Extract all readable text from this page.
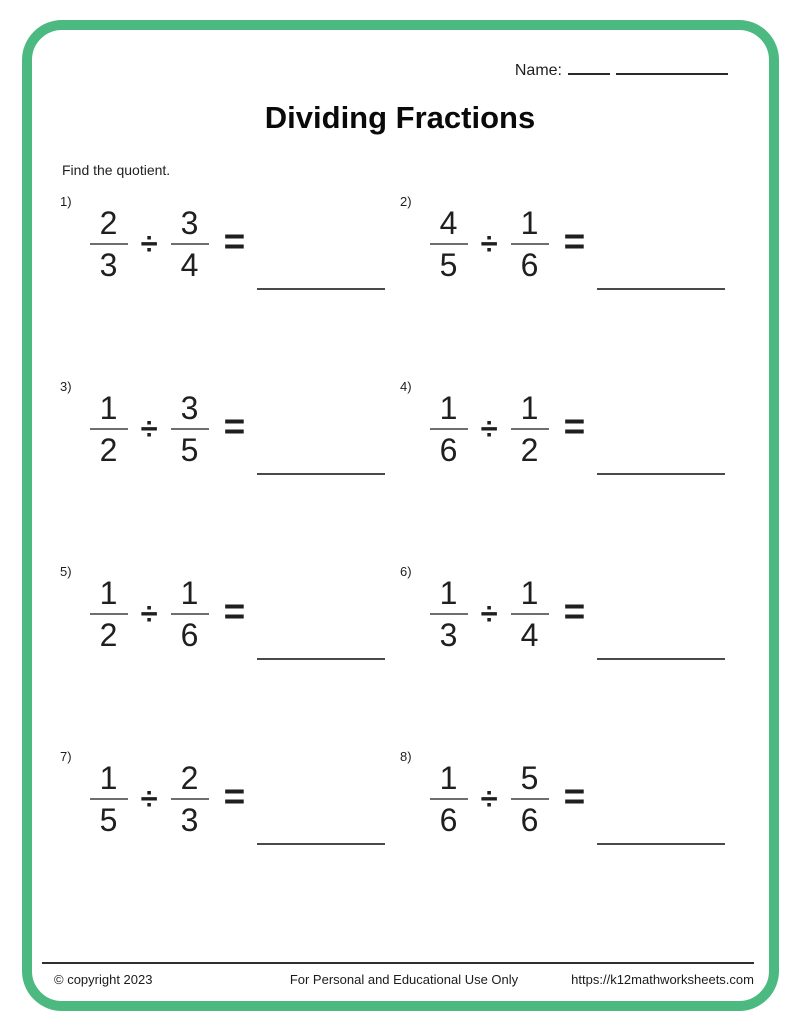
Name:
Dividing Fractions
Find the quotient.
1)
$\frac{2}{3} \div \frac{3}{4}$ =
2)
$\frac{4}{5} \div \frac{1}{6}$ =
3)
$\frac{1}{2} \div \frac{3}{5}$ =
4)
$\frac{1}{6} \div \frac{1}{2}$ =
5)
$\frac{1}{2} \div \frac{1}{6}$ =
6)
$\frac{1}{3} \div \frac{1}{4}$ =
7)
$\frac{1}{5} \div \frac{2}{3}$ =
8)
$\frac{1}{6} \div \frac{5}{6}$ =
© copyright 2023	For Personal and Educational Use Only	https://k12mathworksheets.com
